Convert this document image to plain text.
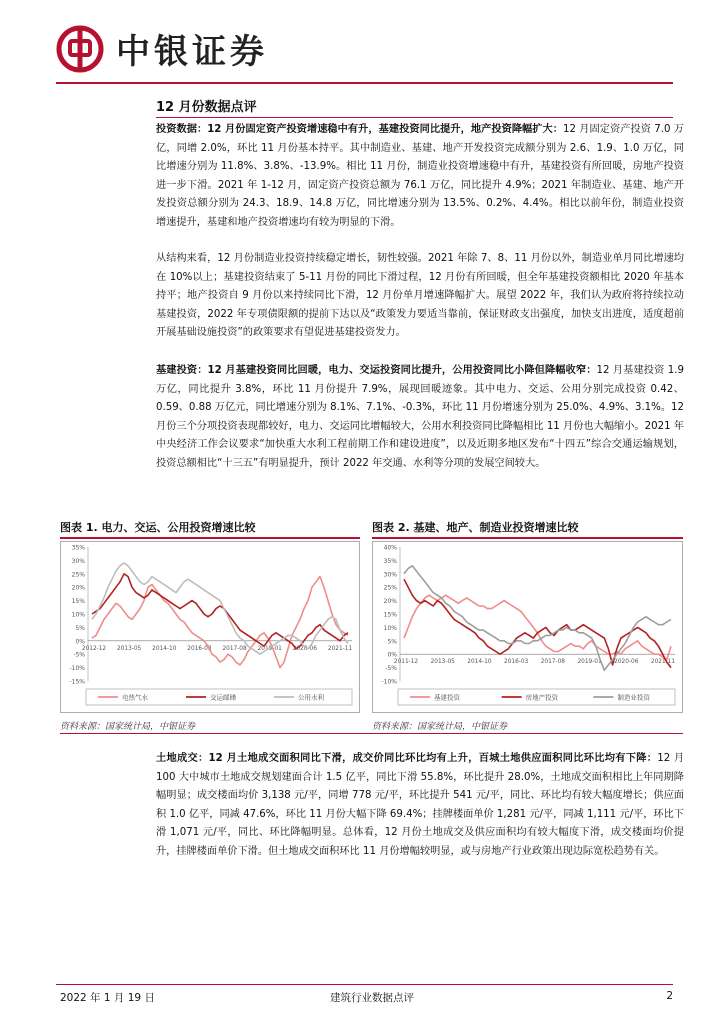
中银证券
12 月份数据点评

投资数据：12 月份固定资产投资增速稳中有升，基建投资同比提升，地产投资降幅扩大：12 月固定资产投资 7.0 万亿，同增 2.0%，环比 11 月份基本持平。其中制造业、基建、地产开发投资完成额分别为 2.6、1.9、1.0 万亿，同比增速分别为 11.8%、3.8%、-13.9%。相比 11 月份，制造业投资增速稳中有升，基建投资有所回暖，房地产投资进一步下滑。2021 年 1-12 月，固定资产投资总额为 76.1 万亿，同比提升 4.9%；2021 年制造业、基建、地产开发投资总额分别为 24.3、18.9、14.8 万亿，同比增速分别为 13.5%、0.2%、4.4%。相比以前年份，制造业投资增速提升，基建和地产投资增速均有较为明显的下滑。

从结构来看，12 月份制造业投资持续稳定增长，韧性较强。2021 年除 7、8、11 月份以外，制造业单月同比增速均在 10%以上；基建投资结束了 5-11 月份的同比下滑过程，12 月份有所回暖，但全年基建投资额相比 2020 年基本持平；地产投资自 9 月份以来持续同比下滑，12 月份单月增速降幅扩大。展望 2022 年，我们认为政府将持续拉动基建投资，2022 年专项债限额的提前下达以及“政策发力要适当靠前，保证财政支出强度，加快支出进度，适度超前开展基础设施投资”的政策要求有望促进基建投资发力。

基建投资：12 月基建投资同比回暖，电力、交运投资同比提升，公用投资同比小降但降幅收窄：12 月基建投资 1.9 万亿，同比提升 3.8%，环比 11 月份提升 7.9%，展现回暖迹象。其中电力、交运、公用分别完成投资 0.42、0.59、0.88 万亿元，同比增速分别为 8.1%、7.1%、-0.3%，环比 11 月份增速分别为 25.0%、4.9%、3.1%。12 月份三个分项投资表现都较好，电力、交运同比增幅较大，公用水利投资同比降幅相比 11 月份也大幅缩小。2021 年中央经济工作会议要求“加快重大水利工程前期工作和建设进度”，以及近期多地区发布“十四五”综合交通运输规划，投资总额相比“十三五”有明显提升，预计 2022 年交通、水利等分项的发展空间较大。

图表 1. 电力、交运、公用投资增速比较	图表 2. 基建、地产、制造业投资增速比较
35%
30%
25%
20%
15%
10%
5%
0%
-5%
-10%
-15%
2012-12 2013-05 2014-10 2016-03 2017-08 2019-01 2020-06 2021-11
电热气水	交运邮储	公用水利
40%
35%
30%
25%
20%
15%
10%
5%
0%
-5%
-10%
2011-12 2013-05 2014-10 2016-03 2017-08 2019-01 2020-06 2021-11
基建投资	房地产投资	制造业投资
资料来源：国家统计局，中银证券	资料来源：国家统计局，中银证券

土地成交：12 月土地成交面积同比下滑，成交价同比环比均有上升，百城土地供应面积同比环比均有下降：12 月 100 大中城市土地成交规划建面合计 1.5 亿平，同比下滑 55.8%，环比提升 28.0%，土地成交面积相比上年同期降幅明显；成交楼面均价 3,138 元/平，同增 778 元/平，环比提升 541 元/平，同比、环比均有较大幅度增长；供应面积 1.0 亿平，同减 47.6%，环比 11 月份大幅下降 69.4%；挂牌楼面单价 1,281 元/平，同减 1,111 元/平，环比下滑 1,071 元/平，同比、环比降幅明显。总体看，12 月份土地成交及供应面积均有较大幅度下滑，成交楼面均价提升，挂牌楼面单价下滑。但土地成交面积环比 11 月份增幅较明显，或与房地产行业政策出现边际宽松趋势有关。

2022 年 1 月 19 日	建筑行业数据点评	2
